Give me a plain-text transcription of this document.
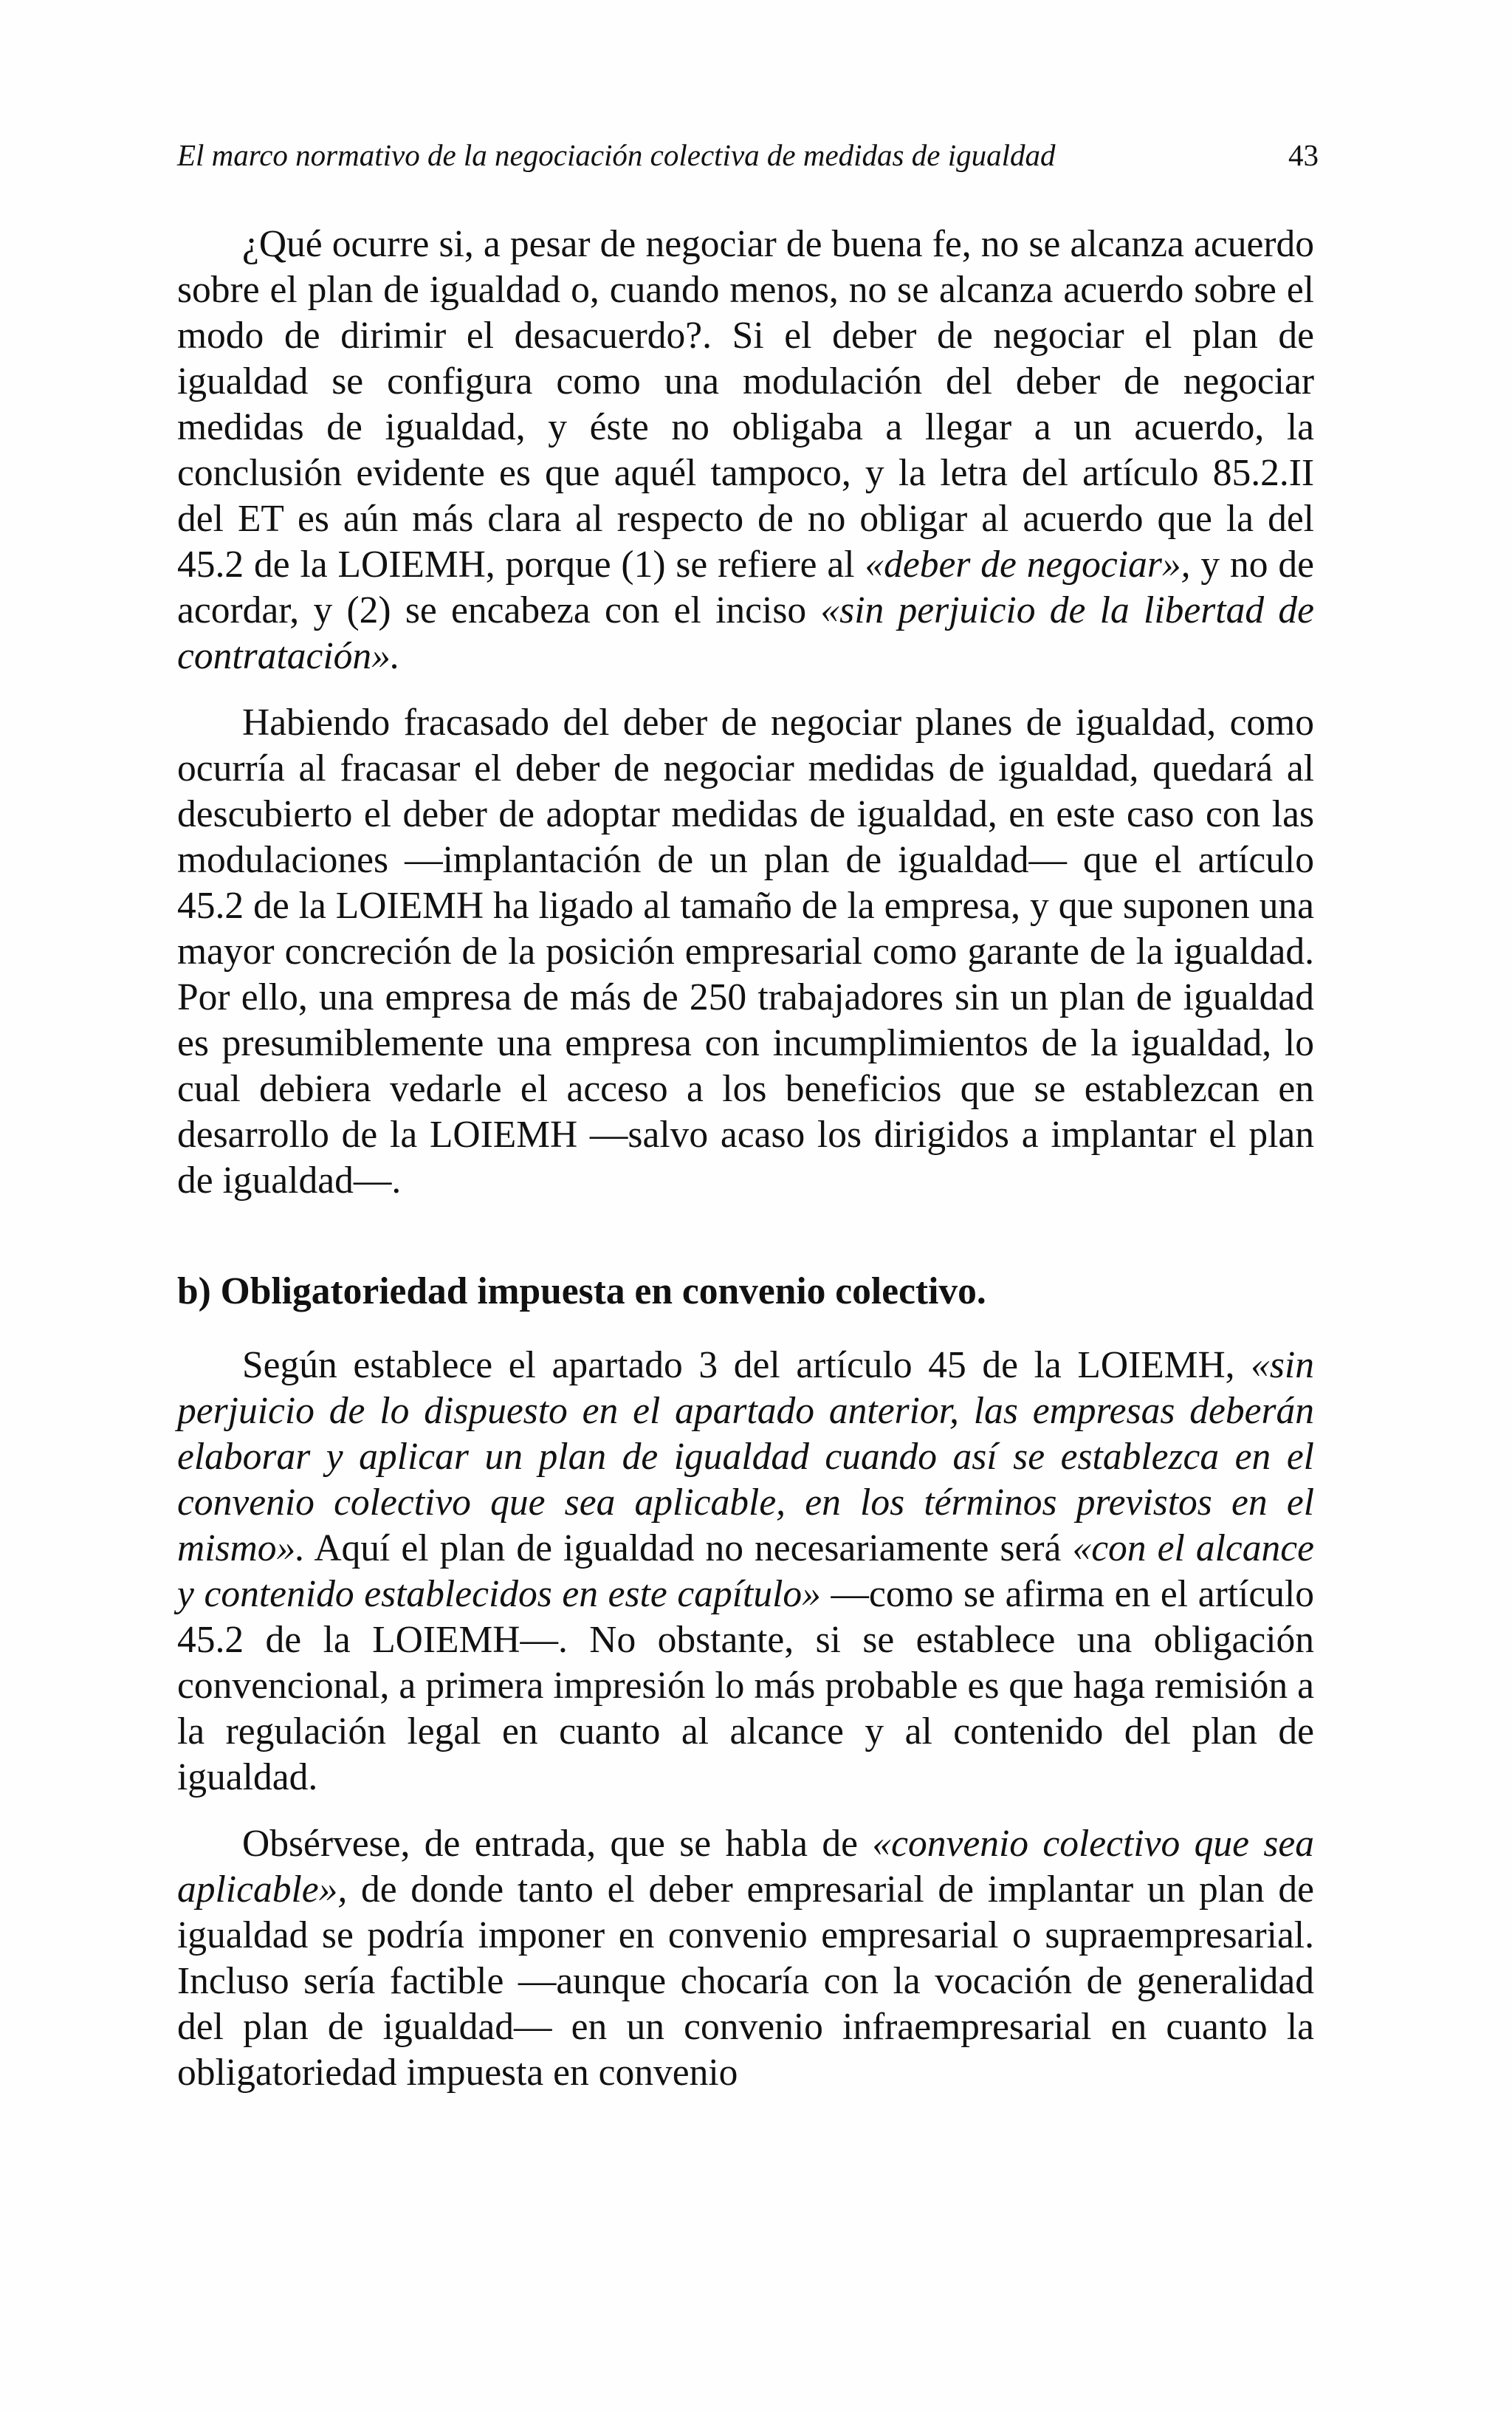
El marco normativo de la negociación colectiva de medidas de igualdad	43

¿Qué ocurre si, a pesar de negociar de buena fe, no se alcanza acuerdo sobre el plan de igualdad o, cuando menos, no se alcanza acuerdo sobre el modo de dirimir el desacuerdo?. Si el deber de negociar el plan de igualdad se configura como una modulación del deber de negociar medidas de igualdad, y éste no obligaba a llegar a un acuerdo, la conclusión evidente es que aquél tampoco, y la letra del artículo 85.2.II del ET es aún más clara al respecto de no obligar al acuerdo que la del 45.2 de la LOIEMH, porque (1) se refiere al «deber de negociar», y no de acordar, y (2) se encabeza con el inciso «sin perjuicio de la libertad de contratación».

Habiendo fracasado del deber de negociar planes de igualdad, como ocurría al fracasar el deber de negociar medidas de igualdad, quedará al descubierto el deber de adoptar medidas de igualdad, en este caso con las modulaciones —implantación de un plan de igualdad— que el artículo 45.2 de la LOIEMH ha ligado al tamaño de la empresa, y que suponen una mayor concreción de la posición empresarial como garante de la igualdad. Por ello, una empresa de más de 250 trabajadores sin un plan de igualdad es presumiblemente una empresa con incumplimientos de la igualdad, lo cual debiera vedarle el acceso a los beneficios que se establezcan en desarrollo de la LOIEMH —salvo acaso los dirigidos a implantar el plan de igualdad—.

b) Obligatoriedad impuesta en convenio colectivo.

Según establece el apartado 3 del artículo 45 de la LOIEMH, «sin perjuicio de lo dispuesto en el apartado anterior, las empresas deberán elaborar y aplicar un plan de igualdad cuando así se establezca en el convenio colectivo que sea aplicable, en los términos previstos en el mismo». Aquí el plan de igualdad no necesariamente será «con el alcance y contenido establecidos en este capítulo» —como se afirma en el artículo 45.2 de la LOIEMH—. No obstante, si se establece una obligación convencional, a primera impresión lo más probable es que haga remisión a la regulación legal en cuanto al alcance y al contenido del plan de igualdad.

Obsérvese, de entrada, que se habla de «convenio colectivo que sea aplicable», de donde tanto el deber empresarial de implantar un plan de igualdad se podría imponer en convenio empresarial o supraempresarial. Incluso sería factible —aunque chocaría con la vocación de generalidad del plan de igualdad— en un convenio infraempresarial en cuanto la obligatoriedad impuesta en convenio
